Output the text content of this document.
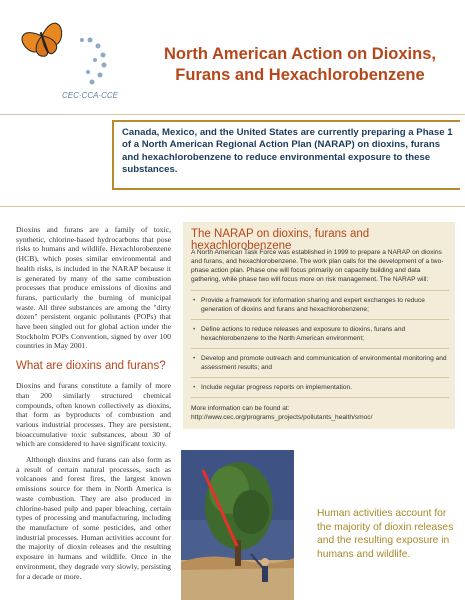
CEC·CCA·CCE
North American Action on Dioxins,
Furans and Hexachlorobenzene
Canada, Mexico, and the United States are currently preparing a Phase 1 of a North American Regional Action Plan (NARAP) on dioxins, furans and hexachlorobenzene to reduce environmental exposure to these substances.

Dioxins and furans are a family of toxic, synthetic, chlorine-based hydrocarbons that pose risks to humans and wildlife. Hexachlorobenzene (HCB), which poses similar environmental and health risks, is included in the NARAP because it is generated by many of the same combustion processes that produce emissions of dioxins and furans, particularly the burning of municipal waste. All three substances are among the "dirty dozen" persistent organic pollutants (POPs) that have been singled out for global action under the Stockholm POPs Convention, signed by over 100 countries in May 2001.

What are dioxins and furans?

Dioxins and furans constitute a family of more than 200 similarly structured chemical compounds, often known collectively as dioxins, that form as byproducts of combustion and various industrial processes. They are persistent, bioaccumulative toxic substances, about 30 of which are considered to have significant toxicity.

Although dioxins and furans can also form as a result of certain natural processes, such as volcanoes and forest fires, the largest known emissions source for them in North America is waste combustion. They are also produced in chlorine-based pulp and paper bleaching, certain types of processing and manufacturing, including the manufacture of some pesticides, and other industrial processes. Human activities account for the majority of dioxin releases and the resulting exposure in humans and wildlife. Once in the environment, they degrade very slowly, persisting for a decade or more.

The NARAP on dioxins, furans and hexachlorobenzene

A North American Task Force was established in 1999 to prepare a NARAP on dioxins and furans, and hexachlorobenzene. The work plan calls for the development of a two-phase action plan. Phase one will focus primarily on capacity building and data gathering, while phase two will focus more on risk management. The NARAP will:

• Provide a framework for information sharing and expert exchanges to reduce generation of dioxins and furans and hexachlorobenzene;
• Define actions to reduce releases and exposure to dioxins, furans and hexachlorobenzene to the North American environment;
• Develop and promote outreach and communication of environmental monitoring and assessment results; and
• Include regular progress reports on implementation.

More information can be found at: http://www.cec.org/programs_projects/pollutants_health/smoc/

Human activities account for the majority of dioxin releases and the resulting exposure in humans and wildlife.
